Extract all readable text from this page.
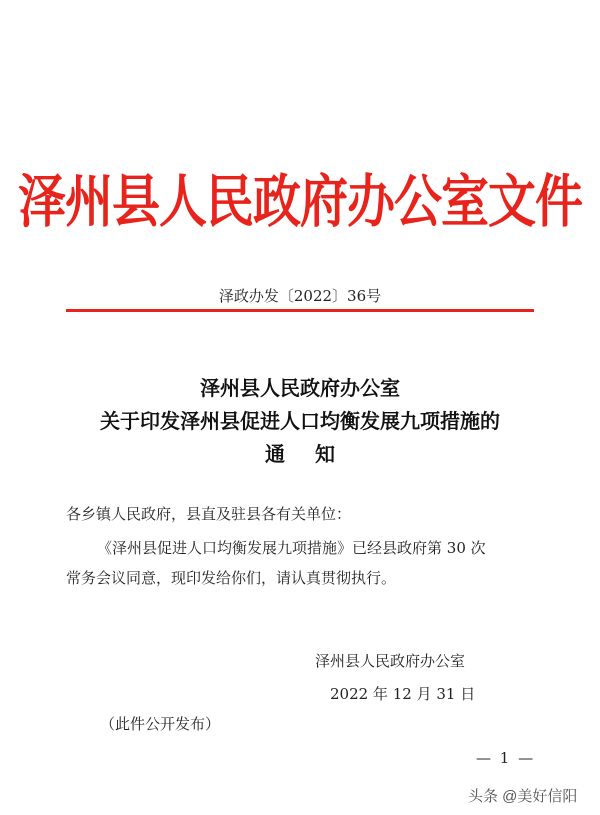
泽州县人民政府办公室文件
泽政办发〔2022〕36号
泽州县人民政府办公室
关于印发泽州县促进人口均衡发展九项措施的
通知
各乡镇人民政府，县直及驻县各有关单位：
《泽州县促进人口均衡发展九项措施》已经县政府第 30 次
常务会议同意，现印发给你们，请认真贯彻执行。
泽州县人民政府办公室
2022 年 12 月 31 日
（此件公开发布）
— 1 —
头条 @美好信阳
